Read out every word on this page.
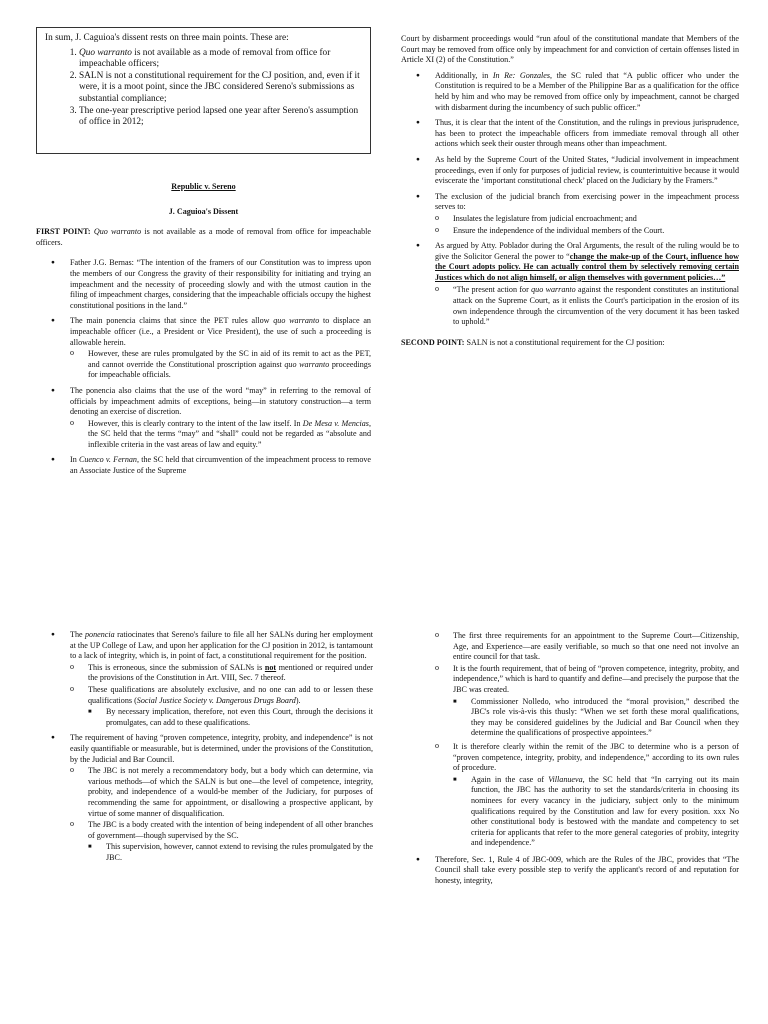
In sum, J. Caguioa's dissent rests on three main points. These are:
1. Quo warranto is not available as a mode of removal from office for impeachable officers;
2. SALN is not a constitutional requirement for the CJ position, and, even if it were, it is a moot point, since the JBC considered Sereno's submissions as substantial compliance;
3. The one-year prescriptive period lapsed one year after Sereno's assumption of office in 2012;

Republic v. Sereno

J. Caguioa's Dissent

FIRST POINT: Quo warranto is not available as a mode of removal from office for impeachable officers.

● Father J.G. Bernas: “The intention of the framers of our Constitution was to impress upon the members of our Congress the gravity of their responsibility for initiating and trying an impeachment and the necessity of proceeding slowly and with the utmost caution in the filing of impeachment charges, considering that the impeachable officials occupy the highest constitutional positions in the land.”
● The main ponencia claims that since the PET rules allow quo warranto to displace an impeachable officer (i.e., a President or Vice President), the use of such a proceeding is allowable herein.
o However, these are rules promulgated by the SC in aid of its remit to act as the PET, and cannot override the Constitutional proscription against quo warranto proceedings for impeachable officials.
● The ponencia also claims that the use of the word “may” in referring to the removal of officials by impeachment admits of exceptions, being—in statutory construction—a term denoting an exercise of discretion.
o However, this is clearly contrary to the intent of the law itself. In De Mesa v. Mencias, the SC held that the terms “may” and “shall” could not be regarded as “absolute and inflexible criteria in the vast areas of law and equity.”
● In Cuenco v. Fernan, the SC held that circumvention of the impeachment process to remove an Associate Justice of the Supreme

Court by disbarment proceedings would “run afoul of the constitutional mandate that Members of the Court may be removed from office only by impeachment for and conviction of certain offenses listed in Article XI (2) of the Constitution.”

● Additionally, in In Re: Gonzales, the SC ruled that “A public officer who under the Constitution is required to be a Member of the Philippine Bar as a qualification for the office held by him and who may be removed from office only by impeachment, cannot be charged with disbarment during the incumbency of such public officer.”
● Thus, it is clear that the intent of the Constitution, and the rulings in previous jurisprudence, has been to protect the impeachable officers from immediate removal through all other actions which seek their ouster through means other than impeachment.
● As held by the Supreme Court of the United States, “Judicial involvement in impeachment proceedings, even if only for purposes of judicial review, is counterintuitive because it would eviscerate the ‘important constitutional check’ placed on the Judiciary by the Framers.”
● The exclusion of the judicial branch from exercising power in the impeachment process serves to:
o Insulates the legislature from judicial encroachment; and
o Ensure the independence of the individual members of the Court.
● As argued by Atty. Poblador during the Oral Arguments, the result of the ruling would be to give the Solicitor General the power to “change the make-up of the Court, influence how the Court adopts policy. He can actually control them by selectively removing certain Justices which do not align himself, or align themselves with government policies…”
o “The present action for quo warranto against the respondent constitutes an institutional attack on the Supreme Court, as it enlists the Court's participation in the erosion of its own independence through the circumvention of the very document it has been tasked to uphold.”

SECOND POINT: SALN is not a constitutional requirement for the CJ position:

● The ponencia ratiocinates that Sereno's failure to file all her SALNs during her employment at the UP College of Law, and upon her application for the CJ position in 2012, is tantamount to a lack of integrity, which is, in point of fact, a constitutional requirement for the position.
o This is erroneous, since the submission of SALNs is not mentioned or required under the provisions of the Constitution in Art. VIII, Sec. 7 thereof.
o These qualifications are absolutely exclusive, and no one can add to or lessen these qualifications (Social Justice Society v. Dangerous Drugs Board).
■ By necessary implication, therefore, not even this Court, through the decisions it promulgates, can add to these qualifications.
● The requirement of having “proven competence, integrity, probity, and independence” is not easily quantifiable or measurable, but is determined, under the provisions of the Constitution, by the Judicial and Bar Council.
o The JBC is not merely a recommendatory body, but a body which can determine, via various methods—of which the SALN is but one—the level of competence, integrity, probity, and independence of a would-be member of the Judiciary, for purposes of recommending the same for appointment, or disallowing a prospective applicant, by virtue of some manner of disqualification.
o The JBC is a body created with the intention of being independent of all other branches of government—though supervised by the SC.
■ This supervision, however, cannot extend to revising the rules promulgated by the JBC.
o The first three requirements for an appointment to the Supreme Court—Citizenship, Age, and Experience—are easily verifiable, so much so that one need not involve an entire council for that task.
o It is the fourth requirement, that of being of “proven competence, integrity, probity, and independence,” which is hard to quantify and define—and precisely the purpose that the JBC was created.
■ Commissioner Nolledo, who introduced the “moral provision,” described the JBC's role vis-à-vis this thusly: “When we set forth these moral qualifications, they may be considered guidelines by the Judicial and Bar Council when they determine the qualifications of prospective appointees.”
o It is therefore clearly within the remit of the JBC to determine who is a person of “proven competence, integrity, probity, and independence,” according to its own rules of procedure.
■ Again in the case of Villanueva, the SC held that “In carrying out its main function, the JBC has the authority to set the standards/criteria in choosing its nominees for every vacancy in the judiciary, subject only to the minimum qualifications required by the Constitution and law for every position. xxx No other constitutional body is bestowed with the mandate and competency to set criteria for applicants that refer to the more general categories of probity, integrity and independence.”
● Therefore, Sec. 1, Rule 4 of JBC-009, which are the Rules of the JBC, provides that “The Council shall take every possible step to verify the applicant's record of and reputation for honesty, integrity,
